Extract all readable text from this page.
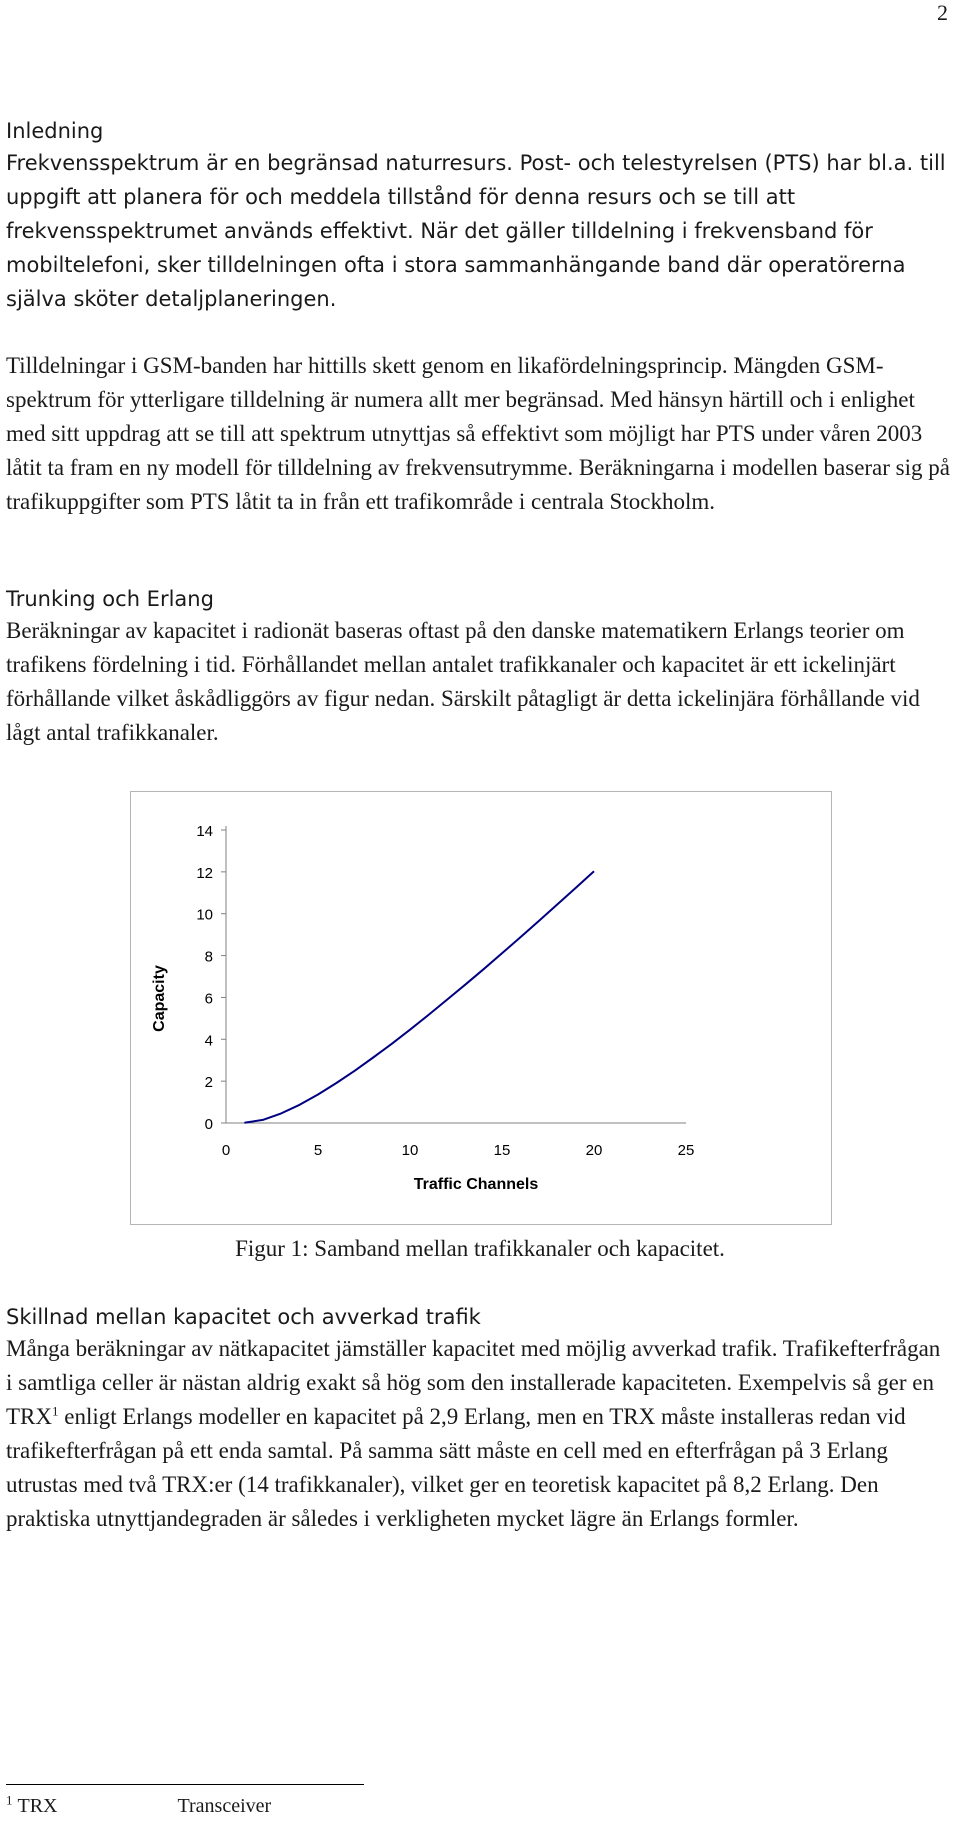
2
Inledning

Frekvensspektrum är en begränsad naturresurs. Post- och telestyrelsen (PTS) har bl.a. till uppgift att planera för och meddela tillstånd för denna resurs och se till att frekvensspektrumet används effektivt. När det gäller tilldelning i frekvensband för mobiltelefoni, sker tilldelningen ofta i stora sammanhängande band där operatörerna själva sköter detaljplaneringen.

Tilldelningar i GSM-banden har hittills skett genom en likafördelningsprincip. Mängden GSM-spektrum för ytterligare tilldelning är numera allt mer begränsad. Med hänsyn härtill och i enlighet med sitt uppdrag att se till att spektrum utnyttjas så effektivt som möjligt har PTS under våren 2003 låtit ta fram en ny modell för tilldelning av frekvensutrymme. Beräkningarna i modellen baserar sig på trafikuppgifter som PTS låtit ta in från ett trafikområde i centrala Stockholm.

Trunking och Erlang

Beräkningar av kapacitet i radionät baseras oftast på den danske matematikern Erlangs teorier om trafikens fördelning i tid. Förhållandet mellan antalet trafikkanaler och kapacitet är ett ickelinjärt förhållande vilket åskådliggörs av figur nedan. Särskilt påtagligt är detta ickelinjära förhållande vid lågt antal trafikkanaler.

0
2
4
6
8
10
12
14
0	5	10	15	20	25
Traffic Channels
Capacity
Figur 1: Samband mellan trafikkanaler och kapacitet.
Skillnad mellan kapacitet och avverkad trafik

Många beräkningar av nätkapacitet jämställer kapacitet med möjlig avverkad trafik. Trafikefterfrågan i samtliga celler är nästan aldrig exakt så hög som den installerade kapaciteten. Exempelvis så ger en TRX$^1$ enligt Erlangs modeller en kapacitet på 2,9 Erlang, men en TRX måste installeras redan vid trafikefterfrågan på ett enda samtal. På samma sätt måste en cell med en efterfrågan på 3 Erlang utrustas med två TRX:er (14 trafikkanaler), vilket ger en teoretisk kapacitet på 8,2 Erlang. Den praktiska utnyttjandegraden är således i verkligheten mycket lägre än Erlangs formler.

$^1$ TRX	Transceiver
